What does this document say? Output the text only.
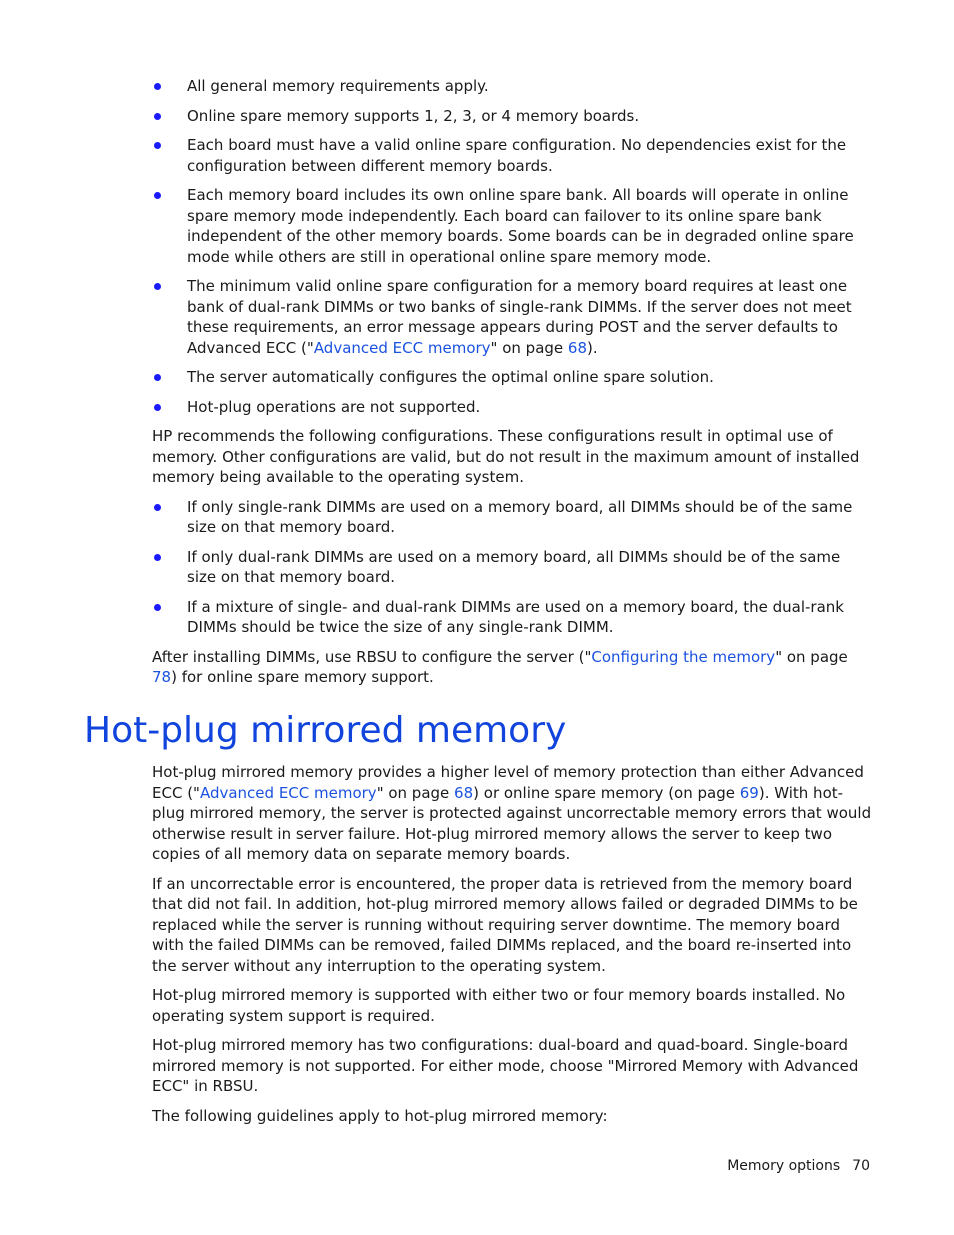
All general memory requirements apply.
Online spare memory supports 1, 2, 3, or 4 memory boards.
Each board must have a valid online spare configuration. No dependencies exist for the configuration between different memory boards.
Each memory board includes its own online spare bank. All boards will operate in online spare memory mode independently. Each board can failover to its online spare bank independent of the other memory boards. Some boards can be in degraded online spare mode while others are still in operational online spare memory mode.
The minimum valid online spare configuration for a memory board requires at least one bank of dual-rank DIMMs or two banks of single-rank DIMMs. If the server does not meet these requirements, an error message appears during POST and the server defaults to Advanced ECC ("Advanced ECC memory" on page 68).
The server automatically configures the optimal online spare solution.
Hot-plug operations are not supported.

HP recommends the following configurations. These configurations result in optimal use of memory. Other configurations are valid, but do not result in the maximum amount of installed memory being available to the operating system.

If only single-rank DIMMs are used on a memory board, all DIMMs should be of the same size on that memory board.
If only dual-rank DIMMs are used on a memory board, all DIMMs should be of the same size on that memory board.
If a mixture of single- and dual-rank DIMMs are used on a memory board, the dual-rank DIMMs should be twice the size of any single-rank DIMM.

After installing DIMMs, use RBSU to configure the server ("Configuring the memory" on page 78) for online spare memory support.

Hot-plug mirrored memory

Hot-plug mirrored memory provides a higher level of memory protection than either Advanced ECC ("Advanced ECC memory" on page 68) or online spare memory (on page 69). With hot-plug mirrored memory, the server is protected against uncorrectable memory errors that would otherwise result in server failure. Hot-plug mirrored memory allows the server to keep two copies of all memory data on separate memory boards.

If an uncorrectable error is encountered, the proper data is retrieved from the memory board that did not fail. In addition, hot-plug mirrored memory allows failed or degraded DIMMs to be replaced while the server is running without requiring server downtime. The memory board with the failed DIMMs can be removed, failed DIMMs replaced, and the board re-inserted into the server without any interruption to the operating system.

Hot-plug mirrored memory is supported with either two or four memory boards installed. No operating system support is required.

Hot-plug mirrored memory has two configurations: dual-board and quad-board. Single-board mirrored memory is not supported. For either mode, choose "Mirrored Memory with Advanced ECC" in RBSU.

The following guidelines apply to hot-plug mirrored memory:

Memory options 70
